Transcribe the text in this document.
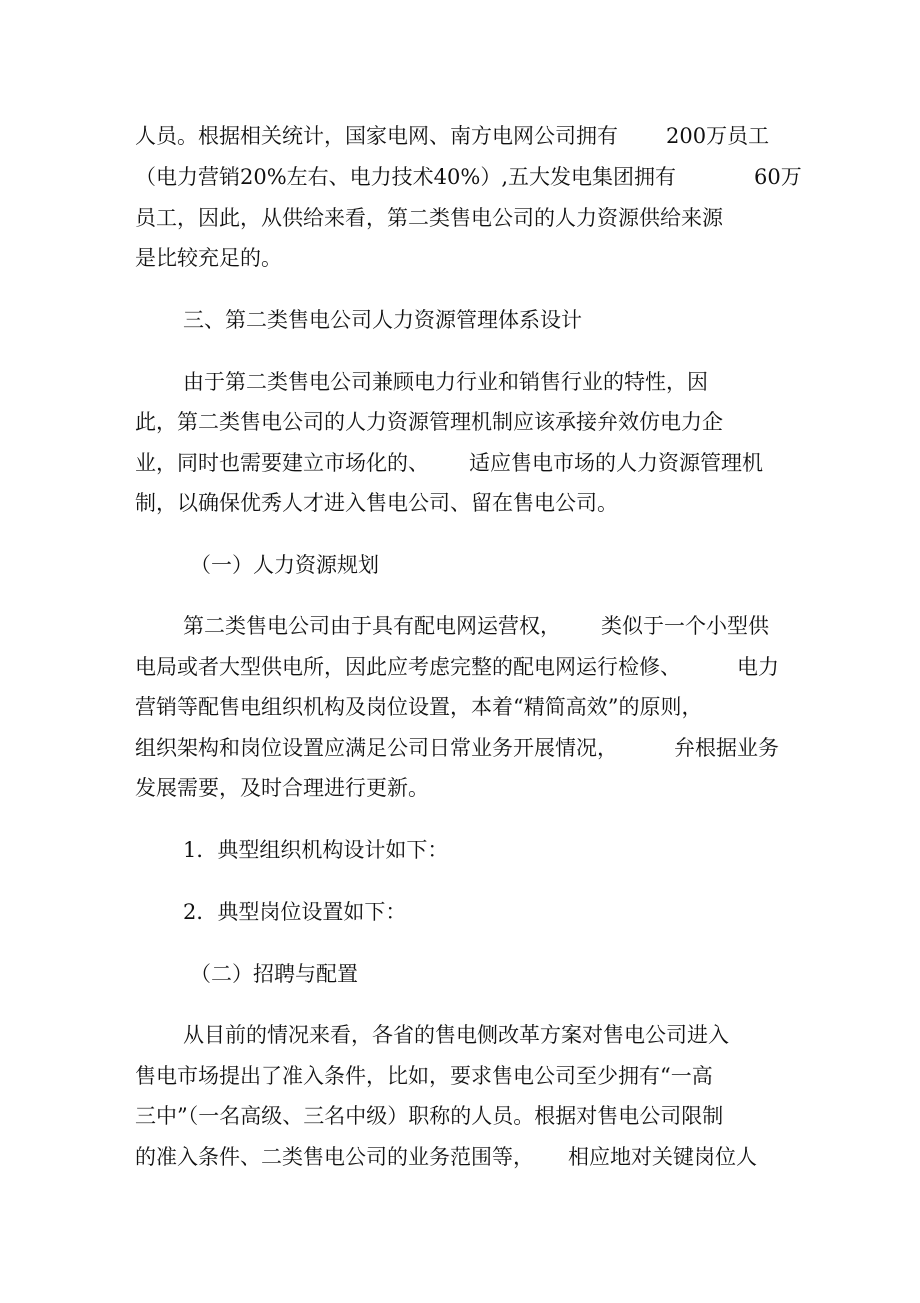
人员。根据相关统计，国家电网、南方电网公司拥有 200万员工
（电力营销20%左右、电力技术40%）,五大发电集团拥有	60万
员工，因此，从供给来看，第二类售电公司的人力资源供给来源
是比较充足的。
三、第二类售电公司人力资源管理体系设计
由于第二类售电公司兼顾电力行业和销售行业的特性，因
此，第二类售电公司的人力资源管理机制应该承接弁效仿电力企
业，同时也需要建立市场化的、 适应售电市场的人力资源管理机
制，以确保优秀人才进入售电公司、留在售电公司。
（一）人力资源规划
第二类售电公司由于具有配电网运营权， 类似于一个小型供
电局或者大型供电所，因此应考虑完整的配电网运行检修、	电力
营销等配售电组织机构及岗位设置，本着“精简高效”的原则，
组织架构和岗位设置应满足公司日常业务开展情况，	弁根据业务
发展需要，及时合理进行更新。
1．典型组织机构设计如下：
2．典型岗位设置如下：
（二）招聘与配置
从目前的情况来看，各省的售电侧改革方案对售电公司进入
售电市场提出了准入条件，比如，要求售电公司至少拥有“一高
三中”（一名高级、三名中级）职称的人员。根据对售电公司限制
的准入条件、二类售电公司的业务范围等， 相应地对关键岗位人
